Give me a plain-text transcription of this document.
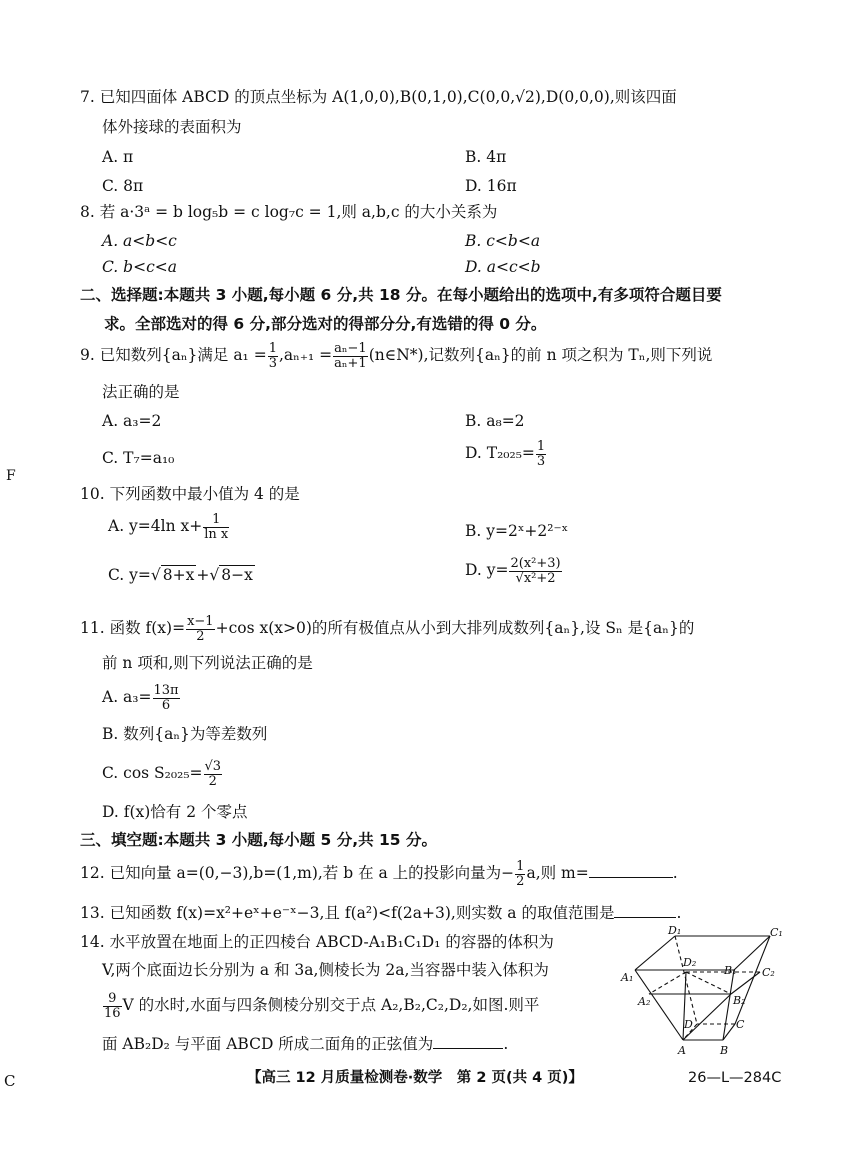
7. 已知四面体 ABCD 的顶点坐标为 A(1,0,0),B(0,1,0),C(0,0,√2),D(0,0,0),则该四面
体外接球的表面积为
A. π	B. 4π
C. 8π	D. 16π
8. 若 a·3ᵃ = b log₅b = c log₇c = 1,则 a,b,c 的大小关系为
A. a<b<c	B. c<b<a
C. b<c<a	D. a<c<b
二、选择题:本题共 3 小题,每小题 6 分,共 18 分。在每小题给出的选项中,有多项符合题目要
求。全部选对的得 6 分,部分选对的得部分分,有选错的得 0 分。
9. 已知数列{aₙ}满足 $a_1 = \frac{1}{3} ,a_{n+1} = \frac{\text{aₙ−1}}{\text{aₙ+1}}$ (n∈N*),记数列{aₙ}的前 n 项之积为 Tₙ,则下列说
法正确的是
A. a₃=2	B. a₈=2
C. T₇=a₁₀	D. $T_{2025}= \frac{1}{3}$
F
10. 下列函数中最小值为 4 的是
A. y=4ln $x+ \frac{1}{\text{ln x}}$	B. y=2ˣ+2²⁻ˣ
C. y=√ 8+x +√ 8−x	D. $y= \frac{\text{2(x²+3)}}{\text{√x²+2}}$
11. 函数 $f(x)= \frac{x-1}{2} +\cos$ x(x>0)的所有极值点从小到大排列成数列{aₙ},设 Sₙ 是{aₙ}的
前 n 项和,则下列说法正确的是
A. $a_3= \frac{13\pi}{6}$
B. 数列{aₙ}为等差数列
C. $\cos S_{2025}= \frac{√3}{2}$
D. f(x)恰有 2 个零点
三、填空题:本题共 3 小题,每小题 5 分,共 15 分。
12. 已知向量 a=(0,−3),b=(1,m),若 b 在 a 上的投影向量为− $\frac{1}{2} a$,则 m=	.
13. 已知函数 f(x)=x²+eˣ+e⁻ˣ−3,且 f(a²)<f(2a+3),则实数 a 的取值范围是	.
14. 水平放置在地面上的正四棱台 ABCD-A₁B₁C₁D₁ 的容器的体积为
V,两个底面边长分别为 a 和 3a,侧棱长为 2a,当容器中装入体积为
$\frac{9}{16}$ V 的水时,水面与四条侧棱分别交于点 A₂,B₂,C₂,D₂,如图.则平
面 AB₂D₂ 与平面 ABCD 所成二面角的正弦值为	.
D₁	C₁
A₁
D₂
B₁ C₂
A₂	B₂
D	C
A	B
C	【高三 12 月质量检测卷·数学　第 2 页(共 4 页)】	26—L—284C
